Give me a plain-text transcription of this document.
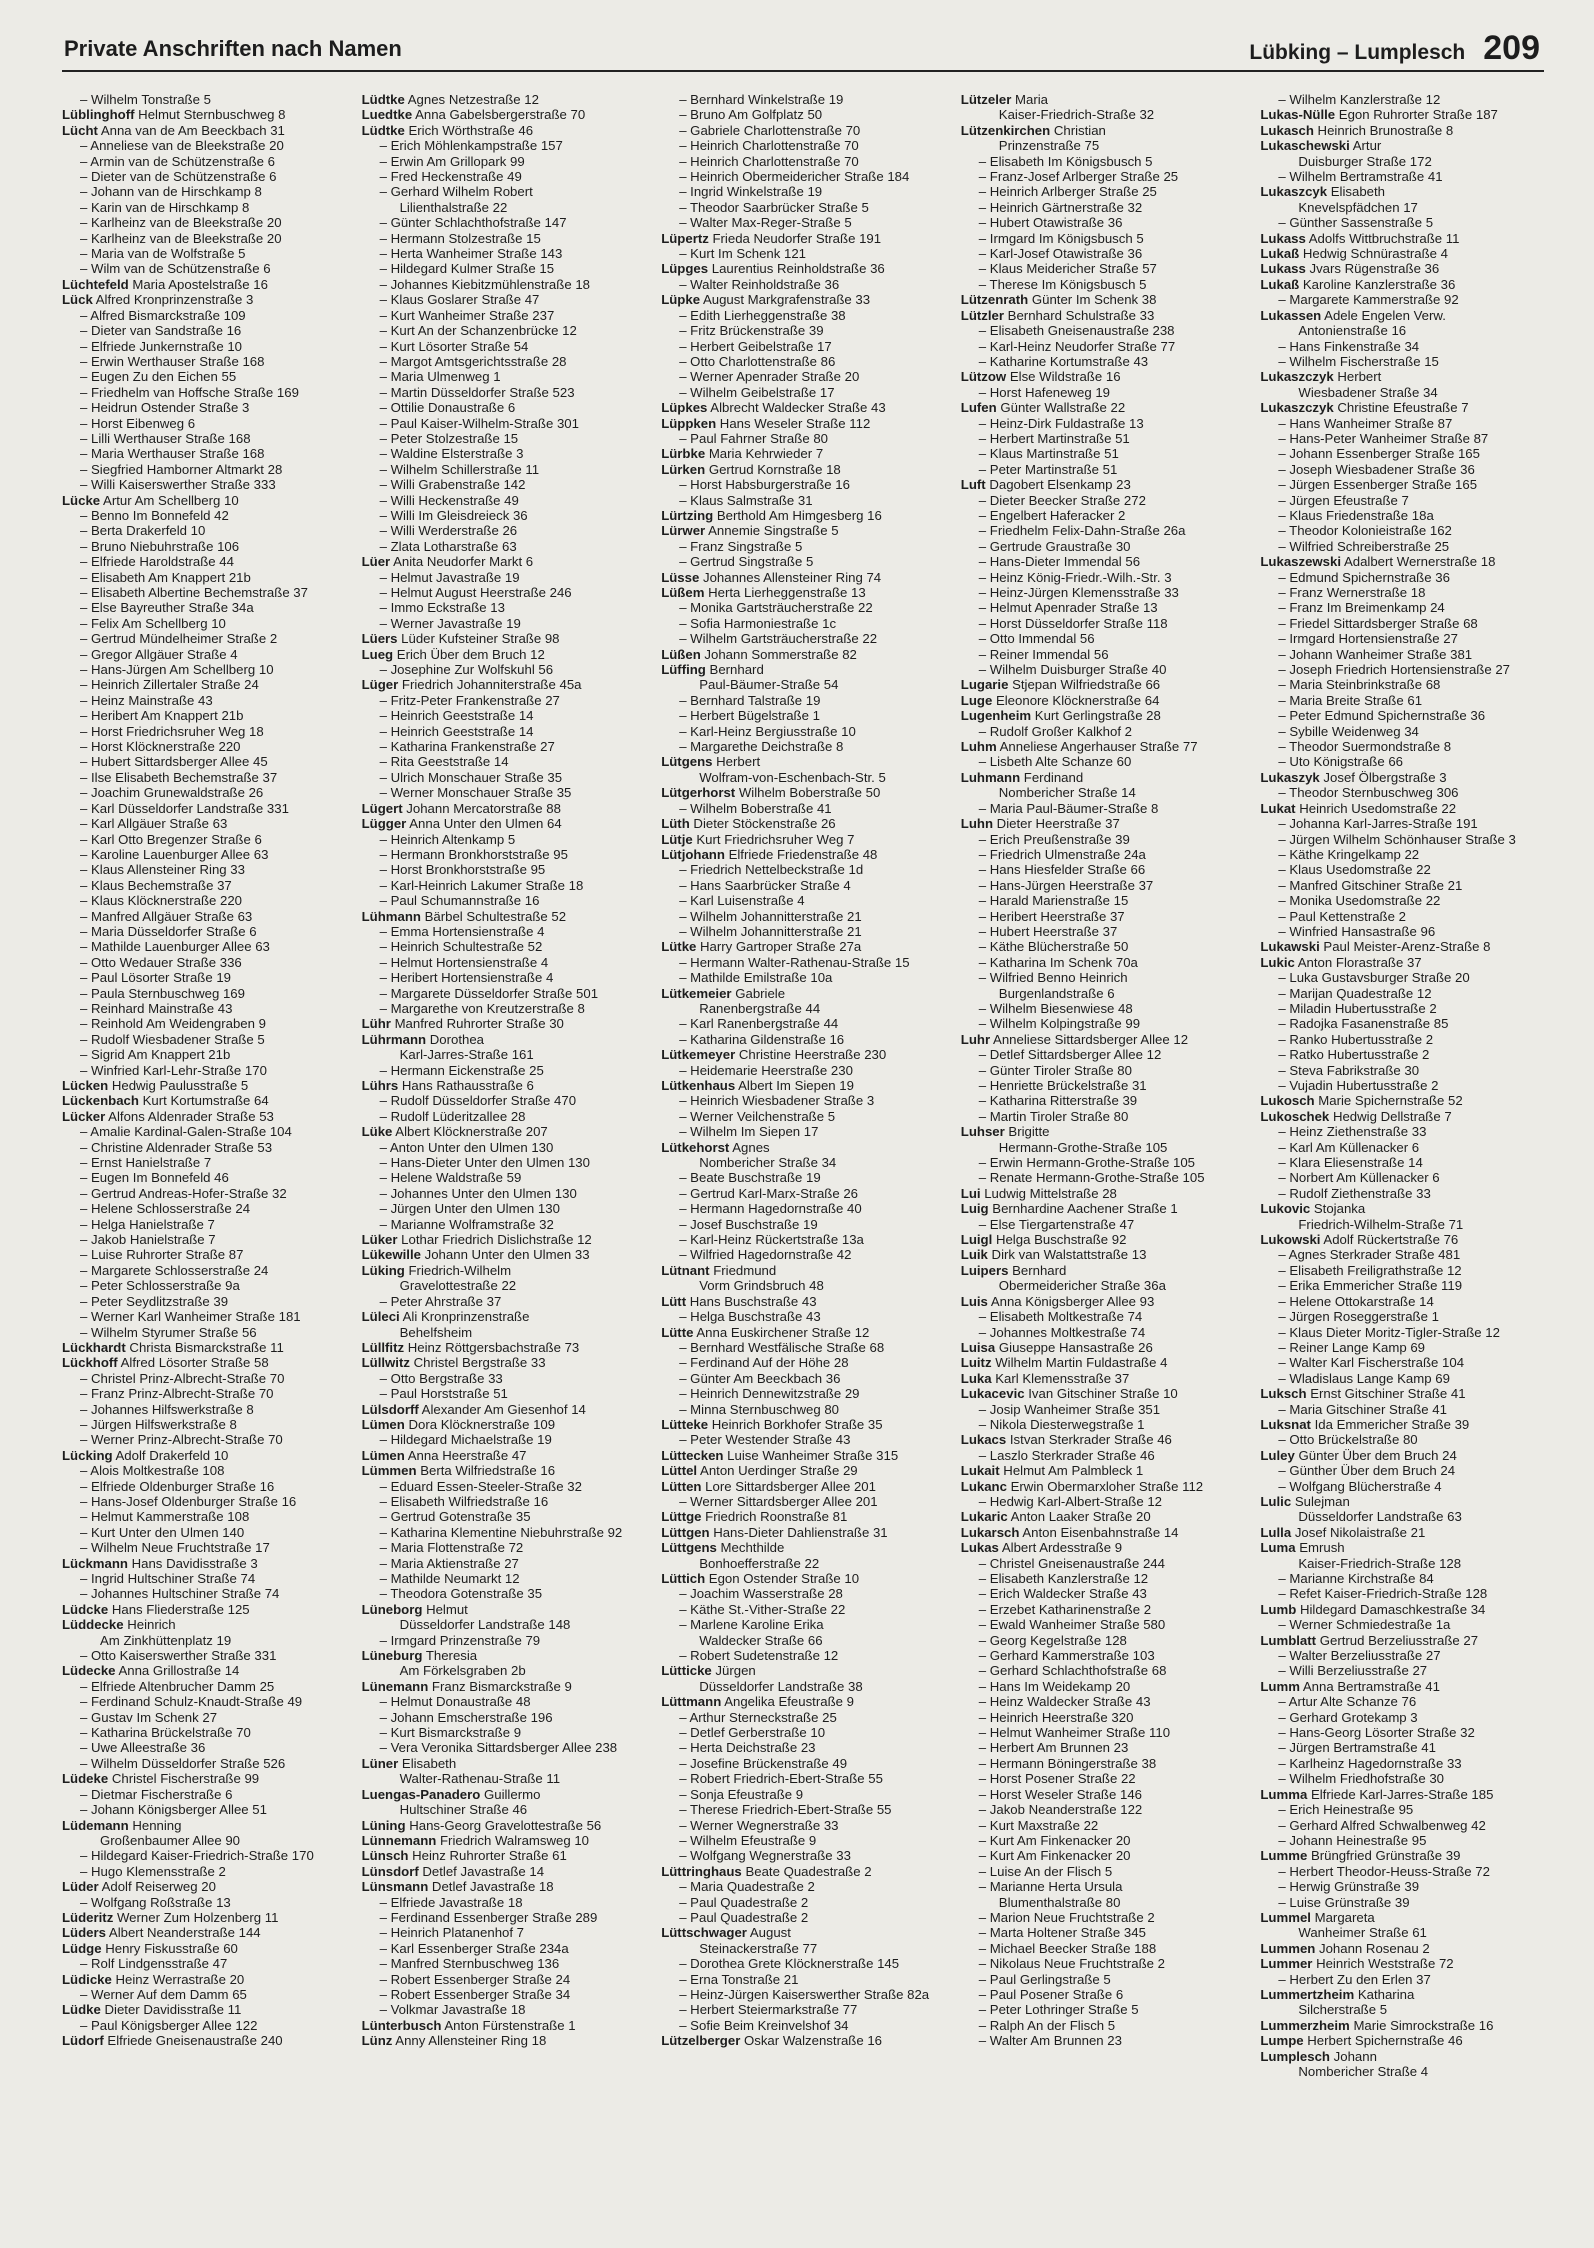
Private Anschriften nach Namen	Lübking – Lumplesch 209
– Wilhelm Tonstraße 5
Lüblinghoff Helmut Sternbuschweg 8
Lücht Anna van de Am Beeckbach 31
– Anneliese van de Bleekstraße 20
– Armin van de Schützenstraße 6
– Dieter van de Schützenstraße 6
– Johann van de Hirschkamp 8
– Karin van de Hirschkamp 8
– Karlheinz van de Bleekstraße 20
– Karlheinz van de Bleekstraße 20
– Maria van de Wolfstraße 5
– Wilm van de Schützenstraße 6
Lüchtefeld Maria Apostelstraße 16
Lück Alfred Kronprinzenstraße 3
– Alfred Bismarckstraße 109
– Dieter van Sandstraße 16
– Elfriede Junkernstraße 10
– Erwin Werthauser Straße 168
– Eugen Zu den Eichen 55
– Friedhelm van Hoffsche Straße 169
– Heidrun Ostender Straße 3
– Horst Eibenweg 6
– Lilli Werthauser Straße 168
– Maria Werthauser Straße 168
– Siegfried Hamborner Altmarkt 28
– Willi Kaiserswerther Straße 333
Lücke Artur Am Schellberg 10
– Benno Im Bonnefeld 42
– Berta Drakerfeld 10
– Bruno Niebuhrstraße 106
– Elfriede Haroldstraße 44
– Elisabeth Am Knappert 21b
– Elisabeth Albertine Bechemstraße 37
– Else Bayreuther Straße 34a
– Felix Am Schellberg 10
– Gertrud Mündelheimer Straße 2
– Gregor Allgäuer Straße 4
– Hans-Jürgen Am Schellberg 10
– Heinrich Zillertaler Straße 24
– Heinz Mainstraße 43
– Heribert Am Knappert 21b
– Horst Friedrichsruher Weg 18
– Horst Klöcknerstraße 220
– Hubert Sittardsberger Allee 45
– Ilse Elisabeth Bechemstraße 37
– Joachim Grunewaldstraße 26
– Karl Düsseldorfer Landstraße 331
– Karl Allgäuer Straße 63
– Karl Otto Bregenzer Straße 6
– Karoline Lauenburger Allee 63
– Klaus Allensteiner Ring 33
– Klaus Bechemstraße 37
– Klaus Klöcknerstraße 220
– Manfred Allgäuer Straße 63
– Maria Düsseldorfer Straße 6
– Mathilde Lauenburger Allee 63
– Otto Wedauer Straße 336
– Paul Lösorter Straße 19
– Paula Sternbuschweg 169
– Reinhard Mainstraße 43
– Reinhold Am Weidengraben 9
– Rudolf Wiesbadener Straße 5
– Sigrid Am Knappert 21b
– Winfried Karl-Lehr-Straße 170
Lücken Hedwig Paulusstraße 5
Lückenbach Kurt Kortumstraße 64
Lücker Alfons Aldenrader Straße 53
– Amalie Kardinal-Galen-Straße 104
– Christine Aldenrader Straße 53
– Ernst Hanielstraße 7
– Eugen Im Bonnefeld 46
– Gertrud Andreas-Hofer-Straße 32
– Helene Schlosserstraße 24
– Helga Hanielstraße 7
– Jakob Hanielstraße 7
– Luise Ruhrorter Straße 87
– Margarete Schlosserstraße 24
– Peter Schlosserstraße 9a
– Peter Seydlitzstraße 39
– Werner Karl Wanheimer Straße 181
– Wilhelm Styrumer Straße 56
Lückhardt Christa Bismarckstraße 11
Lückhoff Alfred Lösorter Straße 58
– Christel Prinz-Albrecht-Straße 70
– Franz Prinz-Albrecht-Straße 70
– Johannes Hilfswerkstraße 8
– Jürgen Hilfswerkstraße 8
– Werner Prinz-Albrecht-Straße 70
Lücking Adolf Drakerfeld 10
– Alois Moltkestraße 108
– Elfriede Oldenburger Straße 16
– Hans-Josef Oldenburger Straße 16
– Helmut Kammerstraße 108
– Kurt Unter den Ulmen 140
– Wilhelm Neue Fruchtstraße 17
Lückmann Hans Davidisstraße 3
– Ingrid Hultschiner Straße 74
– Johannes Hultschiner Straße 74
Lüdcke Hans Fliederstraße 125
Lüddecke Heinrich
Am Zinkhüttenplatz 19
– Otto Kaiserswerther Straße 331
Lüdecke Anna Grillostraße 14
– Elfriede Altenbrucher Damm 25
– Ferdinand Schulz-Knaudt-Straße 49
– Gustav Im Schenk 27
– Katharina Brückelstraße 70
– Uwe Alleestraße 36
– Wilhelm Düsseldorfer Straße 526
Lüdeke Christel Fischerstraße 99
– Dietmar Fischerstraße 6
– Johann Königsberger Allee 51
Lüdemann Henning
Großenbaumer Allee 90
– Hildegard Kaiser-Friedrich-Straße 170
– Hugo Klemensstraße 2
Lüder Adolf Reiserweg 20
– Wolfgang Roßstraße 13
Lüderitz Werner Zum Holzenberg 11
Lüders Albert Neanderstraße 144
Lüdge Henry Fiskusstraße 60
– Rolf Lindgensstraße 47
Lüdicke Heinz Werrastraße 20
– Werner Auf dem Damm 65
Lüdke Dieter Davidisstraße 11
– Paul Königsberger Allee 122
Lüdorf Elfriede Gneisenaustraße 240
Lüdtke Agnes Netzestraße 12
Luedtke Anna Gabelsbergerstraße 70
Lüdtke Erich Wörthstraße 46
– Erich Möhlenkampstraße 157
– Erwin Am Grillopark 99
– Fred Heckenstraße 49
– Gerhard Wilhelm Robert
Lilienthalstraße 22
– Günter Schlachthofstraße 147
– Hermann Stolzestraße 15
– Herta Wanheimer Straße 143
– Hildegard Kulmer Straße 15
– Johannes Kiebitzmühlenstraße 18
– Klaus Goslarer Straße 47
– Kurt Wanheimer Straße 237
– Kurt An der Schanzenbrücke 12
– Kurt Lösorter Straße 54
– Margot Amtsgerichtsstraße 28
– Maria Ulmenweg 1
– Martin Düsseldorfer Straße 523
– Ottilie Donaustraße 6
– Paul Kaiser-Wilhelm-Straße 301
– Peter Stolzestraße 15
– Waldine Elsterstraße 3
– Wilhelm Schillerstraße 11
– Willi Grabenstraße 142
– Willi Heckenstraße 49
– Willi Im Gleisdreieck 36
– Willi Werderstraße 26
– Zlata Lotharstraße 63
Lüer Anita Neudorfer Markt 6
– Helmut Javastraße 19
– Helmut August Heerstraße 246
– Immo Eckstraße 13
– Werner Javastraße 19
Lüers Lüder Kufsteiner Straße 98
Lueg Erich Über dem Bruch 12
– Josephine Zur Wolfskuhl 56
Lüger Friedrich Johanniterstraße 45a
– Fritz-Peter Frankenstraße 27
– Heinrich Geeststraße 14
– Heinrich Geeststraße 14
– Katharina Frankenstraße 27
– Rita Geeststraße 14
– Ulrich Monschauer Straße 35
– Werner Monschauer Straße 35
Lügert Johann Mercatorstraße 88
Lügger Anna Unter den Ulmen 64
– Heinrich Altenkamp 5
– Hermann Bronkhorststraße 95
– Horst Bronkhorststraße 95
– Karl-Heinrich Lakumer Straße 18
– Paul Schumannstraße 16
Lühmann Bärbel Schultestraße 52
– Emma Hortensienstraße 4
– Heinrich Schultestraße 52
– Helmut Hortensienstraße 4
– Heribert Hortensienstraße 4
– Margarete Düsseldorfer Straße 501
– Margarethe von Kreutzerstraße 8
Lühr Manfred Ruhrorter Straße 30
Lührmann Dorothea
Karl-Jarres-Straße 161
– Hermann Eickenstraße 25
Lührs Hans Rathausstraße 6
– Rudolf Düsseldorfer Straße 470
– Rudolf Lüderitzallee 28
Lüke Albert Klöcknerstraße 207
– Anton Unter den Ulmen 130
– Hans-Dieter Unter den Ulmen 130
– Helene Waldstraße 59
– Johannes Unter den Ulmen 130
– Jürgen Unter den Ulmen 130
– Marianne Wolframstraße 32
Lüker Lothar Friedrich Dislichstraße 12
Lükewille Johann Unter den Ulmen 33
Lüking Friedrich-Wilhelm
Gravelottestraße 22
– Peter Ahrstraße 37
Lüleci Ali Kronprinzenstraße
Behelfsheim
Lüllfitz Heinz Röttgersbachstraße 73
Lüllwitz Christel Bergstraße 33
– Otto Bergstraße 33
– Paul Horststraße 51
Lülsdorff Alexander Am Giesenhof 14
Lümen Dora Klöcknerstraße 109
– Hildegard Michaelstraße 19
Lümen Anna Heerstraße 47
Lümmen Berta Wilfriedstraße 16
– Eduard Essen-Steeler-Straße 32
– Elisabeth Wilfriedstraße 16
– Gertrud Gotenstraße 35
– Katharina Klementine Niebuhrstraße 92
– Maria Flottenstraße 72
– Maria Aktienstraße 27
– Mathilde Neumarkt 12
– Theodora Gotenstraße 35
Lüneborg Helmut
Düsseldorfer Landstraße 148
– Irmgard Prinzenstraße 79
Lüneburg Theresia
Am Förkelsgraben 2b
Lünemann Franz Bismarckstraße 9
– Helmut Donaustraße 48
– Johann Emscherstraße 196
– Kurt Bismarckstraße 9
– Vera Veronika Sittardsberger Allee 238
Lüner Elisabeth
Walter-Rathenau-Straße 11
Luengas-Panadero Guillermo
Hultschiner Straße 46
Lüning Hans-Georg Gravelottestraße 56
Lünnemann Friedrich Walramsweg 10
Lünsch Heinz Ruhrorter Straße 61
Lünsdorf Detlef Javastraße 14
Lünsmann Detlef Javastraße 18
– Elfriede Javastraße 18
– Ferdinand Essenberger Straße 289
– Heinrich Platanenhof 7
– Karl Essenberger Straße 234a
– Manfred Sternbuschweg 136
– Robert Essenberger Straße 24
– Robert Essenberger Straße 34
– Volkmar Javastraße 18
Lünterbusch Anton Fürstenstraße 1
Lünz Anny Allensteiner Ring 18
– Bernhard Winkelstraße 19
– Bruno Am Golfplatz 50
– Gabriele Charlottenstraße 70
– Heinrich Charlottenstraße 70
– Heinrich Charlottenstraße 70
– Heinrich Obermeidericher Straße 184
– Ingrid Winkelstraße 19
– Theodor Saarbrücker Straße 5
– Walter Max-Reger-Straße 5
Lüpertz Frieda Neudorfer Straße 191
– Kurt Im Schenk 121
Lüpges Laurentius Reinholdstraße 36
– Walter Reinholdstraße 36
Lüpke August Markgrafenstraße 33
– Edith Lierheggenstraße 38
– Fritz Brückenstraße 39
– Herbert Geibelstraße 17
– Otto Charlottenstraße 86
– Werner Apenrader Straße 20
– Wilhelm Geibelstraße 17
Lüpkes Albrecht Waldecker Straße 43
Lüppken Hans Weseler Straße 112
– Paul Fahrner Straße 80
Lürbke Maria Kehrwieder 7
Lürken Gertrud Kornstraße 18
– Horst Habsburgerstraße 16
– Klaus Salmstraße 31
Lürtzing Berthold Am Himgesberg 16
Lürwer Annemie Singstraße 5
– Franz Singstraße 5
– Gertrud Singstraße 5
Lüsse Johannes Allensteiner Ring 74
Lüßem Herta Lierheggenstraße 13
– Monika Gartsträucherstraße 22
– Sofia Harmoniestraße 1c
– Wilhelm Gartsträucherstraße 22
Lüßen Johann Sommerstraße 82
Lüffing Bernhard
Paul-Bäumer-Straße 54
– Bernhard Talstraße 19
– Herbert Bügelstraße 1
– Karl-Heinz Bergiusstraße 10
– Margarethe Deichstraße 8
Lütgens Herbert
Wolfram-von-Eschenbach-Str. 5
Lütgerhorst Wilhelm Boberstraße 50
– Wilhelm Boberstraße 41
Lüth Dieter Stöckenstraße 26
Lütje Kurt Friedrichsruher Weg 7
Lütjohann Elfriede Friedenstraße 48
– Friedrich Nettelbeckstraße 1d
– Hans Saarbrücker Straße 4
– Karl Luisenstraße 4
– Wilhelm Johannitterstraße 21
– Wilhelm Johannitterstraße 21
Lütke Harry Gartroper Straße 27a
– Hermann Walter-Rathenau-Straße 15
– Mathilde Emilstraße 10a
Lütkemeier Gabriele
Ranenbergstraße 44
– Karl Ranenbergstraße 44
– Katharina Gildenstraße 16
Lütkemeyer Christine Heerstraße 230
– Heidemarie Heerstraße 230
Lütkenhaus Albert Im Siepen 19
– Heinrich Wiesbadener Straße 3
– Werner Veilchenstraße 5
– Wilhelm Im Siepen 17
Lütkehorst Agnes
Nombericher Straße 34
– Beate Buschstraße 19
– Gertrud Karl-Marx-Straße 26
– Hermann Hagedornstraße 40
– Josef Buschstraße 19
– Karl-Heinz Rückertstraße 13a
– Wilfried Hagedornstraße 42
Lütnant Friedmund
Vorm Grindsbruch 48
Lütt Hans Buschstraße 43
– Helga Buschstraße 43
Lütte Anna Euskirchener Straße 12
– Bernhard Westfälische Straße 68
– Ferdinand Auf der Höhe 28
– Günter Am Beeckbach 36
– Heinrich Dennewitzstraße 29
– Minna Sternbuschweg 80
Lütteke Heinrich Borkhofer Straße 35
– Peter Westender Straße 43
Lüttecken Luise Wanheimer Straße 315
Lüttel Anton Uerdinger Straße 29
Lütten Lore Sittardsberger Allee 201
– Werner Sittardsberger Allee 201
Lüttge Friedrich Roonstraße 81
Lüttgen Hans-Dieter Dahlienstraße 31
Lüttgens Mechthilde
Bonhoefferstraße 22
Lüttich Egon Ostender Straße 10
– Joachim Wasserstraße 28
– Käthe St.-Vither-Straße 22
– Marlene Karoline Erika
Waldecker Straße 66
– Robert Sudetenstraße 12
Lütticke Jürgen
Düsseldorfer Landstraße 38
Lüttmann Angelika Efeustraße 9
– Arthur Sterneckstraße 25
– Detlef Gerberstraße 10
– Herta Deichstraße 23
– Josefine Brückenstraße 49
– Robert Friedrich-Ebert-Straße 55
– Sonja Efeustraße 9
– Therese Friedrich-Ebert-Straße 55
– Werner Wegnerstraße 33
– Wilhelm Efeustraße 9
– Wolfgang Wegnerstraße 33
Lüttringhaus Beate Quadestraße 2
– Maria Quadestraße 2
– Paul Quadestraße 2
– Paul Quadestraße 2
Lüttschwager August
Steinackerstraße 77
– Dorothea Grete Klöcknerstraße 145
– Erna Tonstraße 21
– Heinz-Jürgen Kaiserswerther Straße 82a
– Herbert Steiermarkstraße 77
– Sofie Beim Kreinvelshof 34
Lützelberger Oskar Walzenstraße 16
Lützeler Maria
Kaiser-Friedrich-Straße 32
Lützenkirchen Christian
Prinzenstraße 75
– Elisabeth Im Königsbusch 5
– Franz-Josef Arlberger Straße 25
– Heinrich Arlberger Straße 25
– Heinrich Gärtnerstraße 32
– Hubert Otawistraße 36
– Irmgard Im Königsbusch 5
– Karl-Josef Otawistraße 36
– Klaus Meidericher Straße 57
– Therese Im Königsbusch 5
Lützenrath Günter Im Schenk 38
Lützler Bernhard Schulstraße 33
– Elisabeth Gneisenaustraße 238
– Karl-Heinz Neudorfer Straße 77
– Katharine Kortumstraße 43
Lützow Else Wildstraße 16
– Horst Hafeneweg 19
Lufen Günter Wallstraße 22
– Heinz-Dirk Fuldastraße 13
– Herbert Martinstraße 51
– Klaus Martinstraße 51
– Peter Martinstraße 51
Luft Dagobert Elsenkamp 23
– Dieter Beecker Straße 272
– Engelbert Haferacker 2
– Friedhelm Felix-Dahn-Straße 26a
– Gertrude Graustraße 30
– Hans-Dieter Immendal 56
– Heinz König-Friedr.-Wilh.-Str. 3
– Heinz-Jürgen Klemensstraße 33
– Helmut Apenrader Straße 13
– Horst Düsseldorfer Straße 118
– Otto Immendal 56
– Reiner Immendal 56
– Wilhelm Duisburger Straße 40
Lugarie Stjepan Wilfriedstraße 66
Luge Eleonore Klöcknerstraße 64
Lugenheim Kurt Gerlingstraße 28
– Rudolf Großer Kalkhof 2
Luhm Anneliese Angerhauser Straße 77
– Lisbeth Alte Schanze 60
Luhmann Ferdinand
Nombericher Straße 14
– Maria Paul-Bäumer-Straße 8
Luhn Dieter Heerstraße 37
– Erich Preußenstraße 39
– Friedrich Ulmenstraße 24a
– Hans Hiesfelder Straße 66
– Hans-Jürgen Heerstraße 37
– Harald Marienstraße 15
– Heribert Heerstraße 37
– Hubert Heerstraße 37
– Käthe Blücherstraße 50
– Katharina Im Schenk 70a
– Wilfried Benno Heinrich
Burgenlandstraße 6
– Wilhelm Biesenwiese 48
– Wilhelm Kolpingstraße 99
Luhr Anneliese Sittardsberger Allee 12
– Detlef Sittardsberger Allee 12
– Günter Tiroler Straße 80
– Henriette Brückelstraße 31
– Katharina Ritterstraße 39
– Martin Tiroler Straße 80
Luhser Brigitte
Hermann-Grothe-Straße 105
– Erwin Hermann-Grothe-Straße 105
– Renate Hermann-Grothe-Straße 105
Lui Ludwig Mittelstraße 28
Luig Bernhardine Aachener Straße 1
– Else Tiergartenstraße 47
Luigl Helga Buschstraße 92
Luik Dirk van Walstattstraße 13
Luipers Bernhard
Obermeidericher Straße 36a
Luis Anna Königsberger Allee 93
– Elisabeth Moltkestraße 74
– Johannes Moltkestraße 74
Luisa Giuseppe Hansastraße 26
Luitz Wilhelm Martin Fuldastraße 4
Luka Karl Klemensstraße 37
Lukacevic Ivan Gitschiner Straße 10
– Josip Wanheimer Straße 351
– Nikola Diesterwegstraße 1
Lukacs Istvan Sterkrader Straße 46
– Laszlo Sterkrader Straße 46
Lukait Helmut Am Palmbleck 1
Lukanc Erwin Obermarxloher Straße 112
– Hedwig Karl-Albert-Straße 12
Lukaric Anton Laaker Straße 20
Lukarsch Anton Eisenbahnstraße 14
Lukas Albert Ardesstraße 9
– Christel Gneisenaustraße 244
– Elisabeth Kanzlerstraße 12
– Erich Waldecker Straße 43
– Erzebet Katharinenstraße 2
– Ewald Wanheimer Straße 580
– Georg Kegelstraße 128
– Gerhard Kammerstraße 103
– Gerhard Schlachthofstraße 68
– Hans Im Weidekamp 20
– Heinz Waldecker Straße 43
– Heinrich Heerstraße 320
– Helmut Wanheimer Straße 110
– Herbert Am Brunnen 23
– Hermann Böningerstraße 38
– Horst Posener Straße 22
– Horst Weseler Straße 146
– Jakob Neanderstraße 122
– Kurt Maxstraße 22
– Kurt Am Finkenacker 20
– Kurt Am Finkenacker 20
– Luise An der Flisch 5
– Marianne Herta Ursula
Blumenthalstraße 80
– Marion Neue Fruchtstraße 2
– Marta Holtener Straße 345
– Michael Beecker Straße 188
– Nikolaus Neue Fruchtstraße 2
– Paul Gerlingstraße 5
– Paul Posener Straße 6
– Peter Lothringer Straße 5
– Ralph An der Flisch 5
– Walter Am Brunnen 23
– Wilhelm Kanzlerstraße 12
Lukas-Nülle Egon Ruhrorter Straße 187
Lukasch Heinrich Brunostraße 8
Lukaschewski Artur
Duisburger Straße 172
– Wilhelm Bertramstraße 41
Lukaszcyk Elisabeth
Knevelspfädchen 17
– Günther Sassenstraße 5
Lukass Adolfs Wittbruchstraße 11
Lukaß Hedwig Schnürastraße 4
Lukass Jvars Rügenstraße 36
Lukaß Karoline Kanzlerstraße 36
– Margarete Kammerstraße 92
Lukassen Adele Engelen Verw.
Antonienstraße 16
– Hans Finkenstraße 34
– Wilhelm Fischerstraße 15
Lukaszczyk Herbert
Wiesbadener Straße 34
Lukaszczyk Christine Efeustraße 7
– Hans Wanheimer Straße 87
– Hans-Peter Wanheimer Straße 87
– Johann Essenberger Straße 165
– Joseph Wiesbadener Straße 36
– Jürgen Essenberger Straße 165
– Jürgen Efeustraße 7
– Klaus Friedenstraße 18a
– Theodor Kolonieistraße 162
– Wilfried Schreiberstraße 25
Lukaszewski Adalbert Wernerstraße 18
– Edmund Spichernstraße 36
– Franz Wernerstraße 18
– Franz Im Breimenkamp 24
– Friedel Sittardsberger Straße 68
– Irmgard Hortensienstraße 27
– Johann Wanheimer Straße 381
– Joseph Friedrich Hortensienstraße 27
– Maria Steinbrinkstraße 68
– Maria Breite Straße 61
– Peter Edmund Spichernstraße 36
– Sybille Weidenweg 34
– Theodor Suermondstraße 8
– Uto Königstraße 66
Lukaszyk Josef Ölbergstraße 3
– Theodor Sternbuschweg 306
Lukat Heinrich Usedomstraße 22
– Johanna Karl-Jarres-Straße 191
– Jürgen Wilhelm Schönhauser Straße 3
– Käthe Kringelkamp 22
– Klaus Usedomstraße 22
– Manfred Gitschiner Straße 21
– Monika Usedomstraße 22
– Paul Kettenstraße 2
– Winfried Hansastraße 96
Lukawski Paul Meister-Arenz-Straße 8
Lukic Anton Florastraße 37
– Luka Gustavsburger Straße 20
– Marijan Quadestraße 12
– Miladin Hubertusstraße 2
– Radojka Fasanenstraße 85
– Ranko Hubertusstraße 2
– Ratko Hubertusstraße 2
– Steva Fabrikstraße 30
– Vujadin Hubertusstraße 2
Lukosch Marie Spichernstraße 52
Lukoschek Hedwig Dellstraße 7
– Heinz Ziethenstraße 33
– Karl Am Küllenacker 6
– Klara Eliesenstraße 14
– Norbert Am Küllenacker 6
– Rudolf Ziethenstraße 33
Lukovic Stojanka
Friedrich-Wilhelm-Straße 71
Lukowski Adolf Rückertstraße 76
– Agnes Sterkrader Straße 481
– Elisabeth Freiligrathstraße 12
– Erika Emmericher Straße 119
– Helene Ottokarstraße 14
– Jürgen Roseggerstraße 1
– Klaus Dieter Moritz-Tigler-Straße 12
– Reiner Lange Kamp 69
– Walter Karl Fischerstraße 104
– Wladislaus Lange Kamp 69
Luksch Ernst Gitschiner Straße 41
– Maria Gitschiner Straße 41
Luksnat Ida Emmericher Straße 39
– Otto Brückelstraße 80
Luley Günter Über dem Bruch 24
– Günther Über dem Bruch 24
– Wolfgang Blücherstraße 4
Lulic Sulejman
Düsseldorfer Landstraße 63
Lulla Josef Nikolaistraße 21
Luma Emrush
Kaiser-Friedrich-Straße 128
– Marianne Kirchstraße 84
– Refet Kaiser-Friedrich-Straße 128
Lumb Hildegard Damaschkestraße 34
– Werner Schmiedestraße 1a
Lumblatt Gertrud Berzeliusstraße 27
– Walter Berzeliusstraße 27
– Willi Berzeliusstraße 27
Lumm Anna Bertramstraße 41
– Artur Alte Schanze 76
– Gerhard Grotekamp 3
– Hans-Georg Lösorter Straße 32
– Jürgen Bertramstraße 41
– Karlheinz Hagedornstraße 33
– Wilhelm Friedhofstraße 30
Lumma Elfriede Karl-Jarres-Straße 185
– Erich Heinestraße 95
– Gerhard Alfred Schwalbenweg 42
– Johann Heinestraße 95
Lumme Brüngfried Grünstraße 39
– Herbert Theodor-Heuss-Straße 72
– Herwig Grünstraße 39
– Luise Grünstraße 39
Lummel Margareta
Wanheimer Straße 61
Lummen Johann Rosenau 2
Lummer Heinrich Weststraße 72
– Herbert Zu den Erlen 37
Lummertzheim Katharina
Silcherstraße 5
Lummerzheim Marie Simrockstraße 16
Lumpe Herbert Spichernstraße 46
Lumplesch Johann
Nombericher Straße 4
